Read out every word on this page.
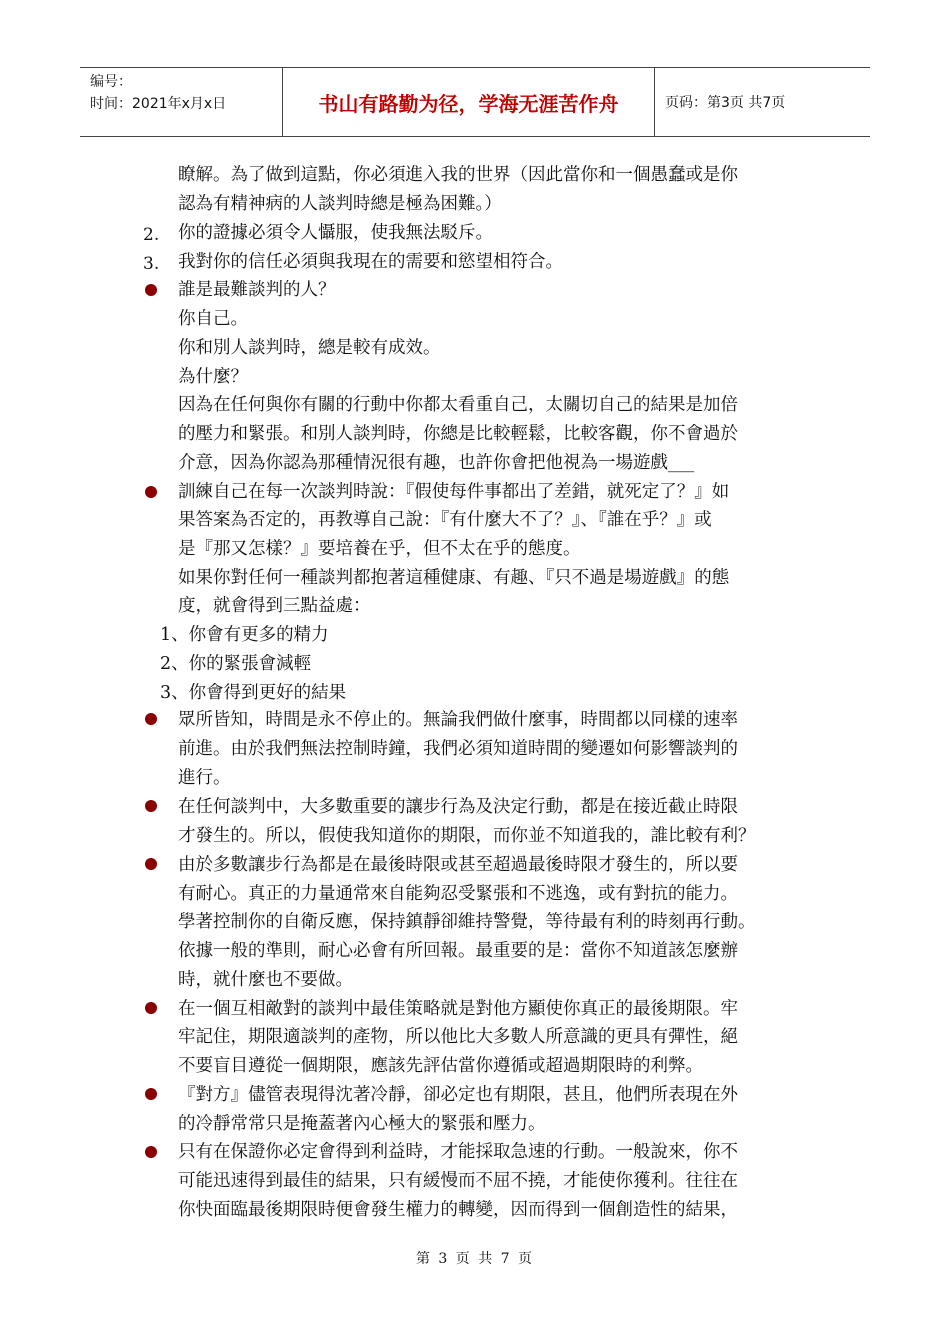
编号：
时间：2021年x月x日	书山有路勤为径，学海无涯苦作舟	页码：第3页 共7页
2.
3.
瞭解。為了做到這點，你必須進入我的世界（因此當你和一個愚蠢或是你
認為有精神病的人談判時總是極為困難。）
你的證據必須令人懾服，使我無法駁斥。
我對你的信任必須與我現在的需要和慾望相符合。
誰是最難談判的人？
你自己。
你和別人談判時，總是較有成效。
為什麼？
因為在任何與你有關的行動中你都太看重自己，太關切自己的結果是加倍
的壓力和緊張。和別人談判時，你總是比較輕鬆，比較客觀，你不會過於
介意，因為你認為那種情況很有趣，也許你會把他視為一場遊戲___
訓練自己在每一次談判時說：『假使每件事都出了差錯，就死定了？』如
果答案為否定的，再教導自己說：『有什麼大不了？』、『誰在乎？』或
是『那又怎樣？』要培養在乎，但不太在乎的態度。
如果你對任何一種談判都抱著這種健康、有趣、『只不過是場遊戲』的態
度，就會得到三點益處：
1、你會有更多的精力
2、你的緊張會減輕
3、你會得到更好的結果
眾所皆知，時間是永不停止的。無論我們做什麼事，時間都以同樣的速率
前進。由於我們無法控制時鐘，我們必須知道時間的變遷如何影響談判的
進行。
在任何談判中，大多數重要的讓步行為及決定行動，都是在接近截止時限
才發生的。所以，假使我知道你的期限，而你並不知道我的，誰比較有利？
由於多數讓步行為都是在最後時限或甚至超過最後時限才發生的，所以要
有耐心。真正的力量通常來自能夠忍受緊張和不逃逸，或有對抗的能力。
學著控制你的自衛反應，保持鎮靜卻維持警覺，等待最有利的時刻再行動。
依據一般的準則，耐心必會有所回報。最重要的是：當你不知道該怎麼辦
時，就什麼也不要做。
在一個互相敵對的談判中最佳策略就是對他方顯使你真正的最後期限。牢
牢記住，期限適談判的產物，所以他比大多數人所意識的更具有彈性，絕
不要盲目遵從一個期限，應該先評估當你遵循或超過期限時的利弊。
『對方』儘管表現得沈著冷靜，卻必定也有期限，甚且，他們所表現在外
的冷靜常常只是掩蓋著內心極大的緊張和壓力。
只有在保證你必定會得到利益時，才能採取急速的行動。一般說來，你不
可能迅速得到最佳的結果，只有緩慢而不屈不撓，才能使你獲利。往往在
你快面臨最後期限時便會發生權力的轉變，因而得到一個創造性的結果，
第 3 页 共 7 页
